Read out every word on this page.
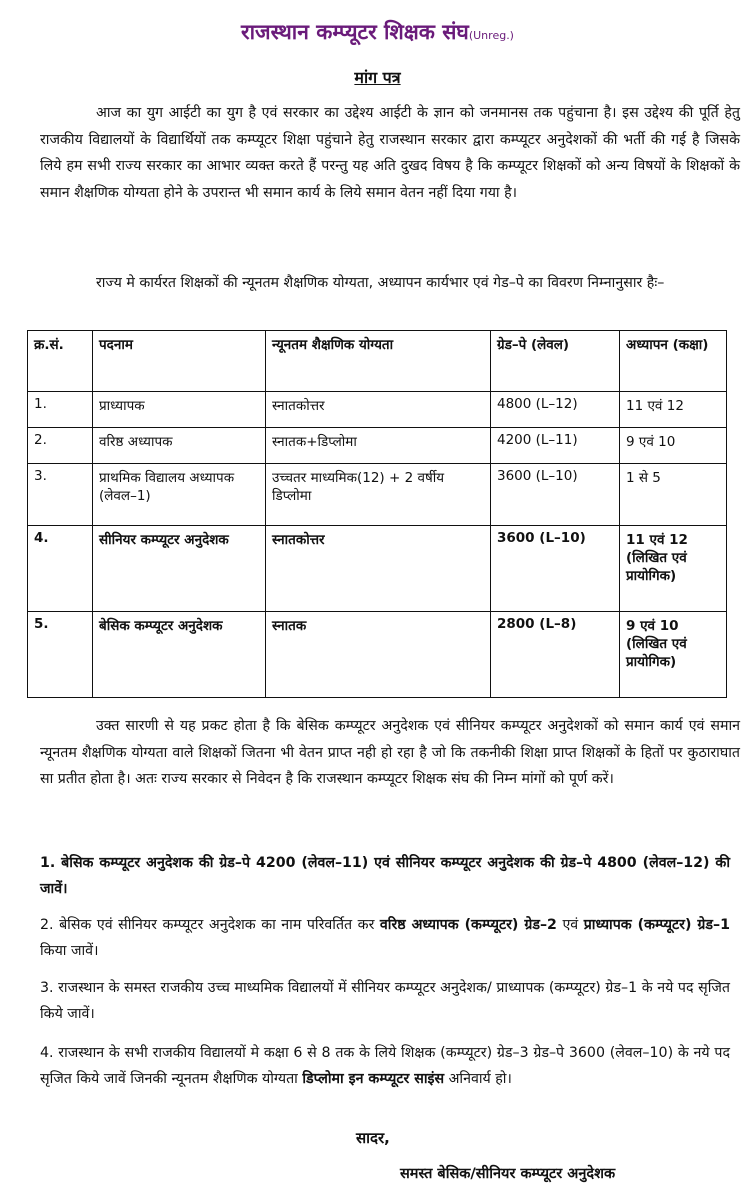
राजस्थान कम्प्यूटर शिक्षक संघ(Unreg.)
मांग पत्र
आज का युग आईटी का युग है एवं सरकार का उद्देश्य आईटी के ज्ञान को जनमानस तक पहुंचाना है। इस उद्देश्य की पूर्ति हेतु राजकीय विद्यालयों के विद्यार्थियों तक कम्प्यूटर शिक्षा पहुंचाने हेतु राजस्थान सरकार द्वारा कम्प्यूटर अनुदेशकों की भर्ती की गई है जिसके लिये हम सभी राज्य सरकार का आभार व्यक्त करते हैं परन्तु यह अति दुखद विषय है कि कम्प्यूटर शिक्षकों को अन्य विषयों के शिक्षकों के समान शैक्षणिक योग्यता होने के उपरान्त भी समान कार्य के लिये समान वेतन नहीं दिया गया है।
राज्य मे कार्यरत शिक्षकों की न्यूनतम शैक्षणिक योग्यता, अध्यापन कार्यभार एवं गेड–पे का विवरण निम्नानुसार हैः–
क्र.सं.	पदनाम	न्यूनतम शैक्षणिक योग्यता	ग्रेड–पे (लेवल)	अध्यापन (कक्षा)
1.	प्राध्यापक	स्नातकोत्तर	4800 (L–12)	11 एवं 12
2.	वरिष्ठ अध्यापक	स्नातक+डिप्लोमा	4200 (L–11)	9 एवं 10
3.	प्राथमिक विद्यालय अध्यापक (लेवल–1)	उच्चतर माध्यमिक(12) + 2 वर्षीय डिप्लोमा	3600 (L–10)	1 से 5
4.	सीनियर कम्प्यूटर अनुदेशक	स्नातकोत्तर	3600 (L–10)	11 एवं 12 (लिखित एवं प्रायोगिक)
5.	बेसिक कम्प्यूटर अनुदेशक	स्नातक	2800 (L–8)	9 एवं 10 (लिखित एवं प्रायोगिक)
उक्त सारणी से यह प्रकट होता है कि बेसिक कम्प्यूटर अनुदेशक एवं सीनियर कम्प्यूटर अनुदेशकों को समान कार्य एवं समान न्यूनतम शैक्षणिक योग्यता वाले शिक्षकों जितना भी वेतन प्राप्त नही हो रहा है जो कि तकनीकी शिक्षा प्राप्त शिक्षकों के हितों पर कुठाराघात सा प्रतीत होता है। अतः राज्य सरकार से निवेदन है कि राजस्थान कम्प्यूटर शिक्षक संघ की निम्न मांगों को पूर्ण करें।
1. बेसिक कम्प्यूटर अनुदेशक की ग्रेड–पे 4200 (लेवल–11) एवं सीनियर कम्प्यूटर अनुदेशक की ग्रेड–पे 4800 (लेवल–12) की जावें।
2. बेसिक एवं सीनियर कम्प्यूटर अनुदेशक का नाम परिवर्तित कर वरिष्ठ अध्यापक (कम्प्यूटर) ग्रेड–2 एवं प्राध्यापक (कम्प्यूटर) ग्रेड–1 किया जावें।
3. राजस्थान के समस्त राजकीय उच्च माध्यमिक विद्यालयों में सीनियर कम्प्यूटर अनुदेशक/ प्राध्यापक (कम्प्यूटर) ग्रेड–1 के नये पद सृजित किये जावें।
4. राजस्थान के सभी राजकीय विद्यालयों मे कक्षा 6 से 8 तक के लिये शिक्षक (कम्प्यूटर) ग्रेड–3 ग्रेड–पे 3600 (लेवल–10) के नये पद सृजित किये जावें जिनकी न्यूनतम शैक्षणिक योग्यता डिप्लोमा इन कम्प्यूटर साइंस अनिवार्य हो।
सादर,
समस्त बेसिक/सीनियर कम्प्यूटर अनुदेशक
